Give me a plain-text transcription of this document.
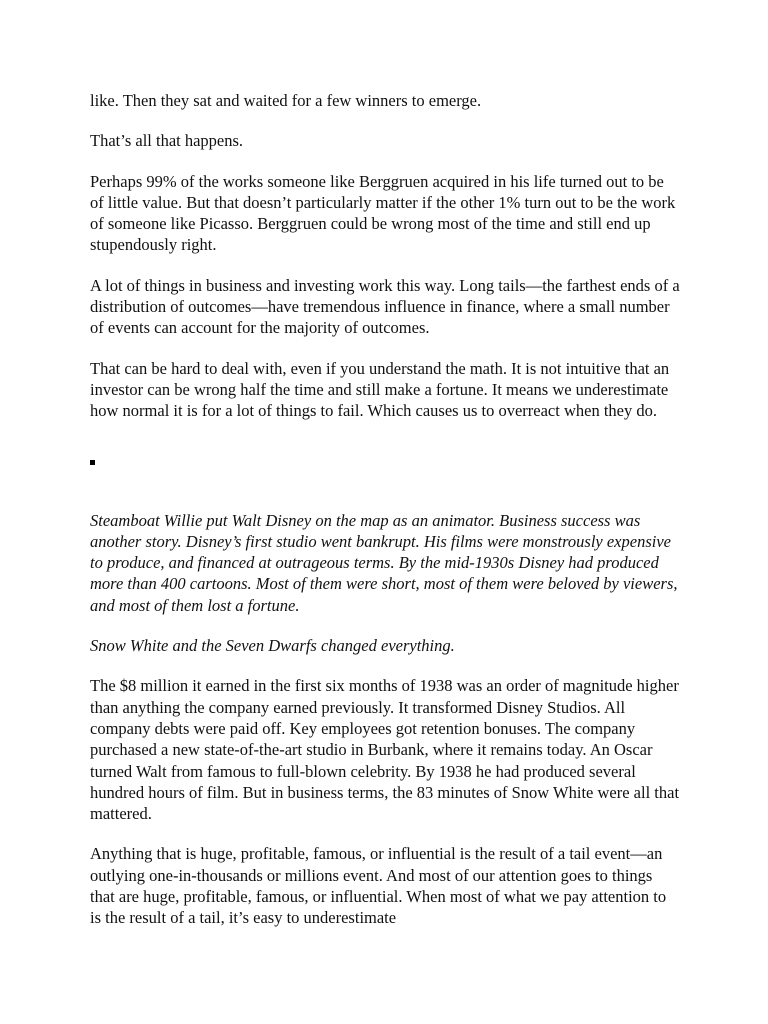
like. Then they sat and waited for a few winners to emerge.

That’s all that happens.

Perhaps 99% of the works someone like Berggruen acquired in his life turned out to be of little value. But that doesn’t particularly matter if the other 1% turn out to be the work of someone like Picasso. Berggruen could be wrong most of the time and still end up stupendously right.

A lot of things in business and investing work this way. Long tails—the farthest ends of a distribution of outcomes—have tremendous influence in finance, where a small number of events can account for the majority of outcomes.

That can be hard to deal with, even if you understand the math. It is not intuitive that an investor can be wrong half the time and still make a fortune. It means we underestimate how normal it is for a lot of things to fail. Which causes us to overreact when they do.

Steamboat Willie put Walt Disney on the map as an animator. Business success was another story. Disney’s first studio went bankrupt. His films were monstrously expensive to produce, and financed at outrageous terms. By the mid-1930s Disney had produced more than 400 cartoons. Most of them were short, most of them were beloved by viewers, and most of them lost a fortune.

Snow White and the Seven Dwarfs changed everything.

The $8 million it earned in the first six months of 1938 was an order of magnitude higher than anything the company earned previously. It transformed Disney Studios. All company debts were paid off. Key employees got retention bonuses. The company purchased a new state-of-the-art studio in Burbank, where it remains today. An Oscar turned Walt from famous to full-blown celebrity. By 1938 he had produced several hundred hours of film. But in business terms, the 83 minutes of Snow White were all that mattered.

Anything that is huge, profitable, famous, or influential is the result of a tail event—an outlying one-in-thousands or millions event. And most of our attention goes to things that are huge, profitable, famous, or influential. When most of what we pay attention to is the result of a tail, it’s easy to underestimate
